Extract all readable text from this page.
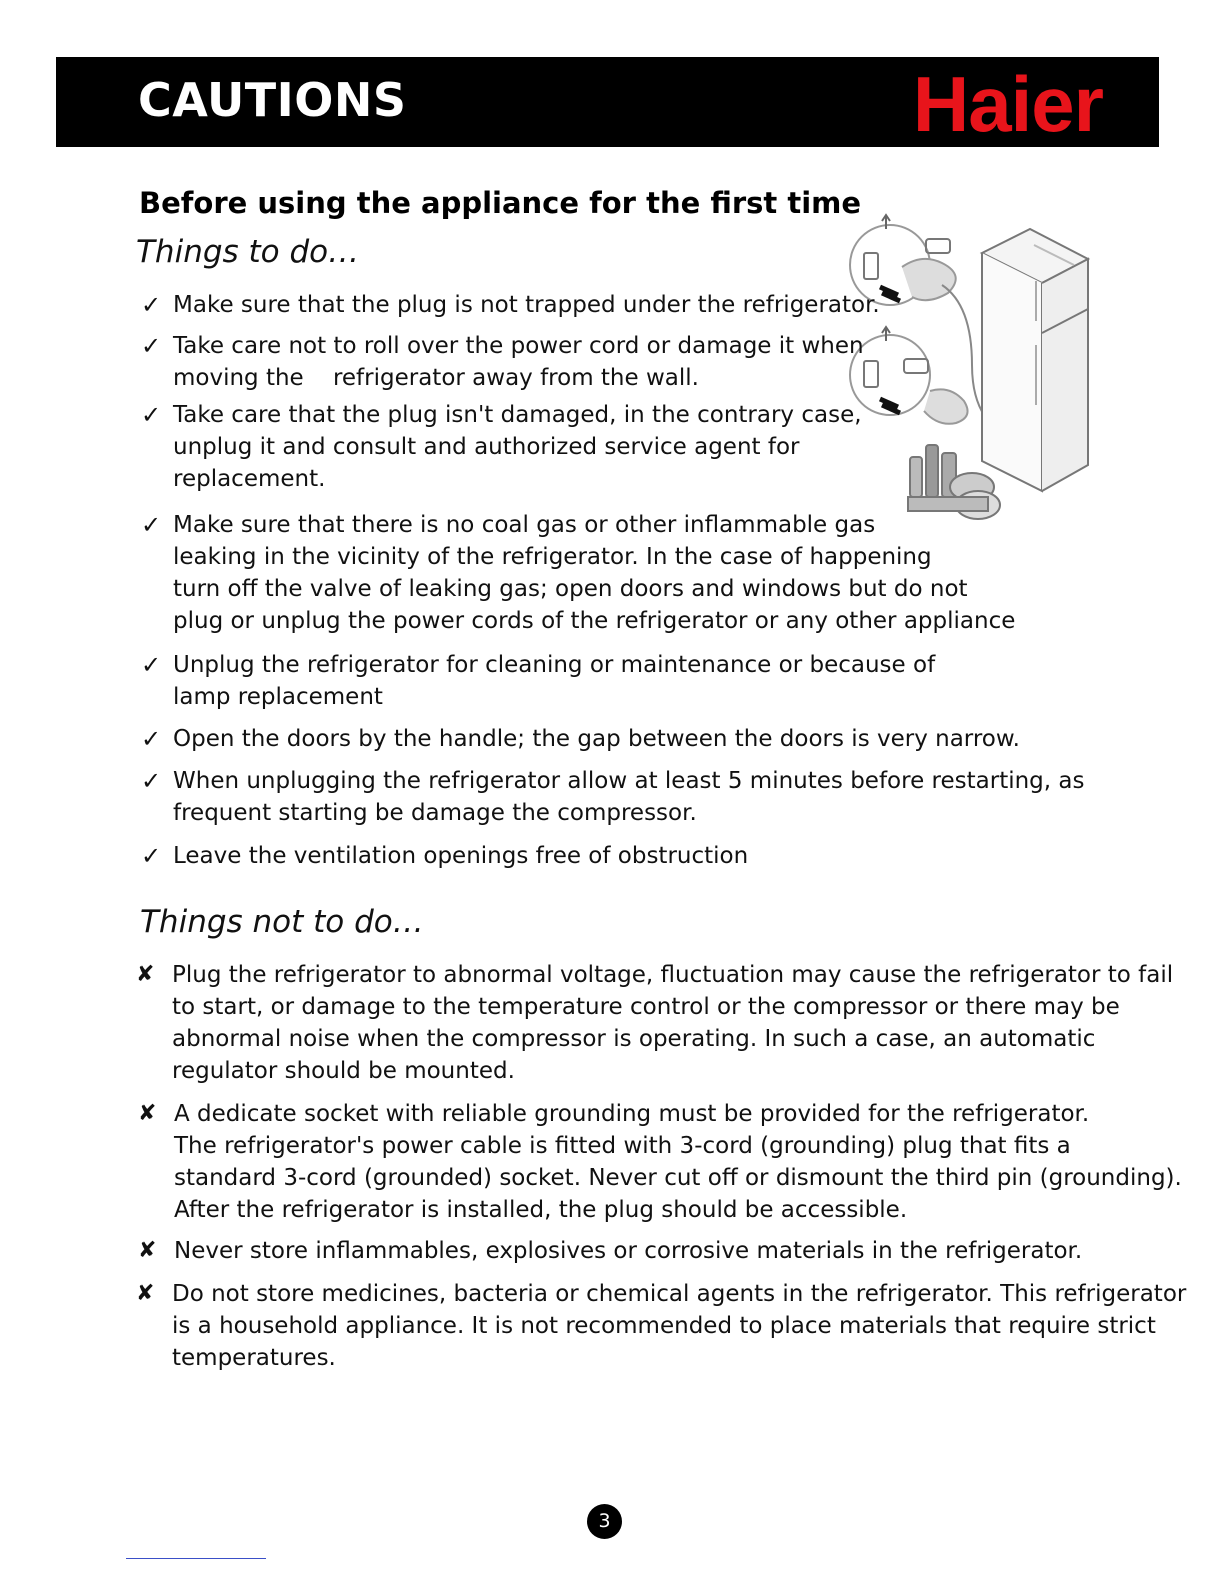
CAUTIONS	Haier
Before using the appliance for the first time
Things to do…
✓ Make sure that the plug is not trapped under the refrigerator.
✓ Take care not to roll over the power cord or damage it when
moving the    refrigerator away from the wall.
✓ Take care that the plug isn't damaged, in the contrary case,
unplug it and consult and authorized service agent for
replacement.
✓ Make sure that there is no coal gas or other inflammable gas
leaking in the vicinity of the refrigerator. In the case of happening
turn off the valve of leaking gas; open doors and windows but do not
plug or unplug the power cords of the refrigerator or any other appliance
✓ Unplug the refrigerator for cleaning or maintenance or because of
lamp replacement
✓ Open the doors by the handle; the gap between the doors is very narrow.
✓ When unplugging the refrigerator allow at least 5 minutes before restarting, as
frequent starting be damage the compressor.
✓ Leave the ventilation openings free of obstruction
Things not to do…
✘ Plug the refrigerator to abnormal voltage, fluctuation may cause the refrigerator to fail
to start, or damage to the temperature control or the compressor or there may be
abnormal noise when the compressor is operating. In such a case, an automatic
regulator should be mounted.
✘ A dedicate socket with reliable grounding must be provided for the refrigerator.
The refrigerator's power cable is fitted with 3-cord (grounding) plug that fits a
standard 3-cord (grounded) socket. Never cut off or dismount the third pin (grounding).
After the refrigerator is installed, the plug should be accessible.
✘ Never store inflammables, explosives or corrosive materials in the refrigerator.
✘ Do not store medicines, bacteria or chemical agents in the refrigerator. This refrigerator
is a household appliance. It is not recommended to place materials that require strict
temperatures.
3
